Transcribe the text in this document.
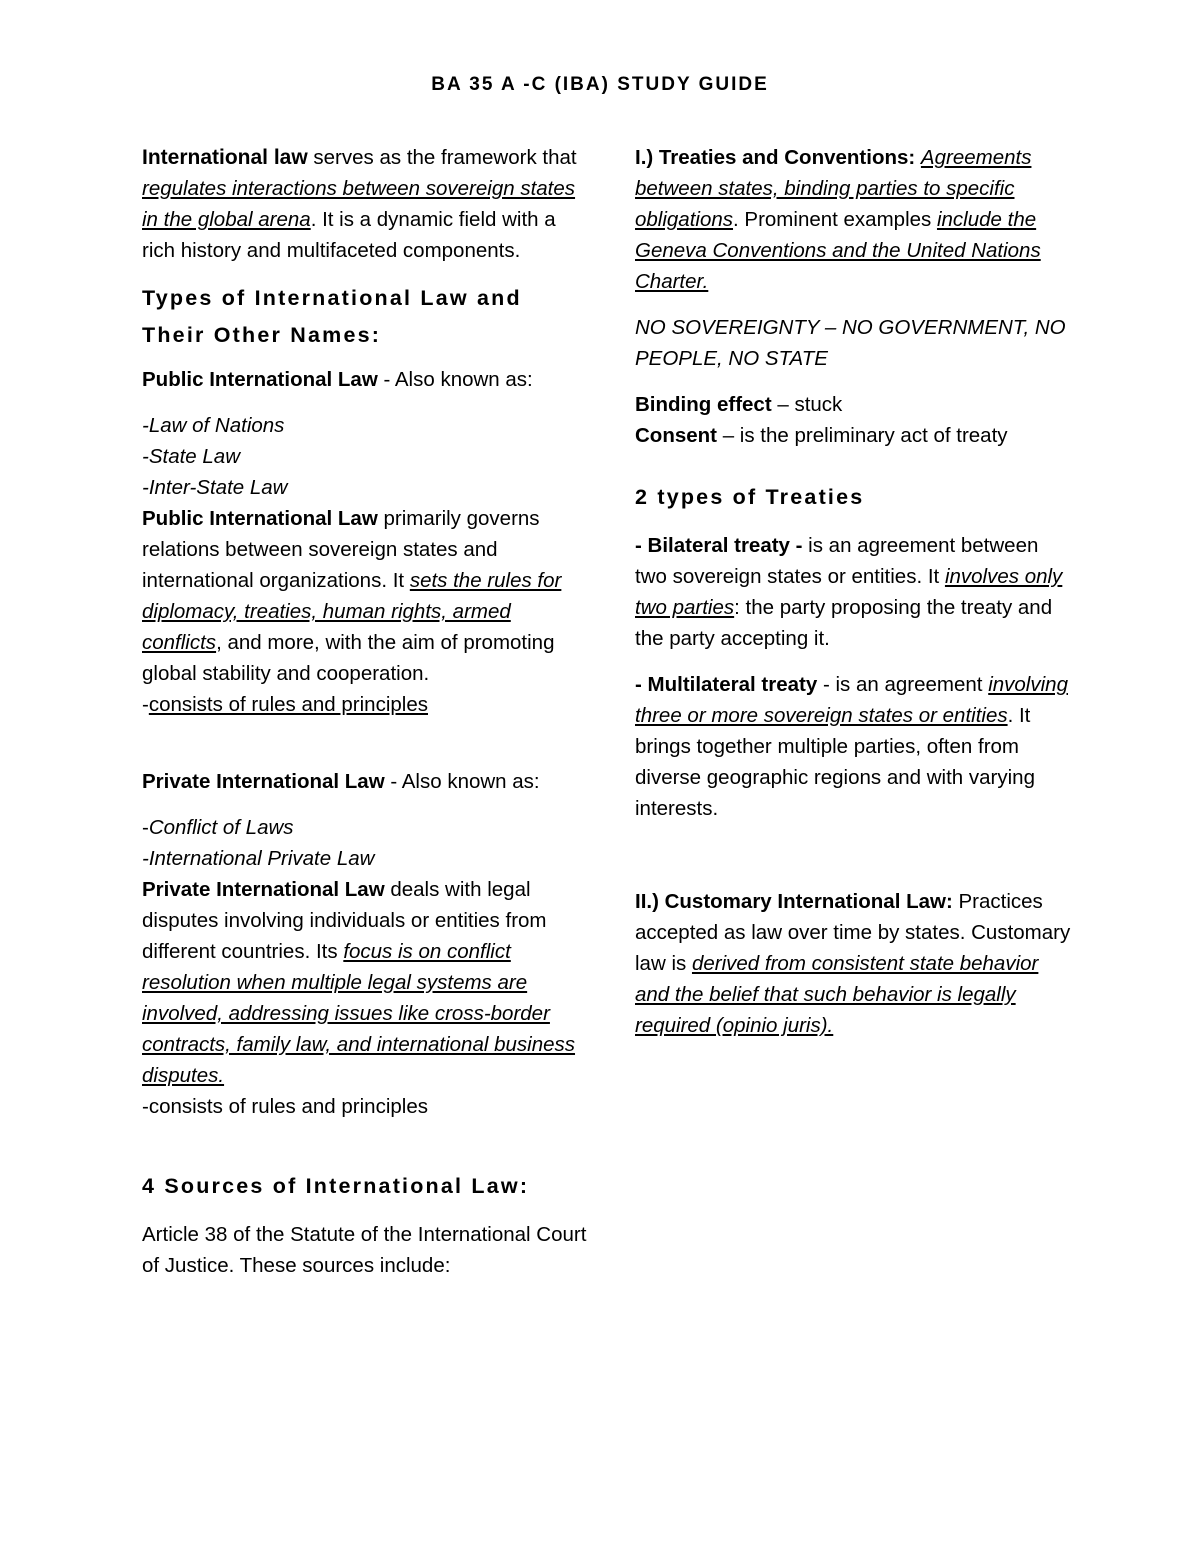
BA 35 A -C (IBA) STUDY GUIDE

International law serves as the framework that regulates interactions between sovereign states in the global arena. It is a dynamic field with a rich history and multifaceted components.

Types of International Law and

Their Other Names:

Public International Law - Also known as:

-Law of Nations

-State Law

-Inter-State Law

Public International Law primarily governs relations between sovereign states and international organizations. It sets the rules for diplomacy, treaties, human rights, armed conflicts, and more, with the aim of promoting global stability and cooperation.

-consists of rules and principles

Private International Law - Also known as:

-Conflict of Laws

-International Private Law

Private International Law deals with legal disputes involving individuals or entities from different countries. Its focus is on conflict resolution when multiple legal systems are involved, addressing issues like cross-border contracts, family law, and international business disputes.

-consists of rules and principles

4 Sources of International Law:

Article 38 of the Statute of the International Court of Justice. These sources include:

I.) Treaties and Conventions: Agreements between states, binding parties to specific obligations. Prominent examples include the Geneva Conventions and the United Nations Charter.

NO SOVEREIGNTY – NO GOVERNMENT, NO PEOPLE, NO STATE

Binding effect – stuck

Consent – is the preliminary act of treaty

2 types of Treaties

- Bilateral treaty - is an agreement between two sovereign states or entities. It involves only two parties: the party proposing the treaty and the party accepting it.

- Multilateral treaty - is an agreement involving three or more sovereign states or entities. It brings together multiple parties, often from diverse geographic regions and with varying interests.

II.) Customary International Law: Practices accepted as law over time by states. Customary law is derived from consistent state behavior and the belief that such behavior is legally required (opinio juris).
